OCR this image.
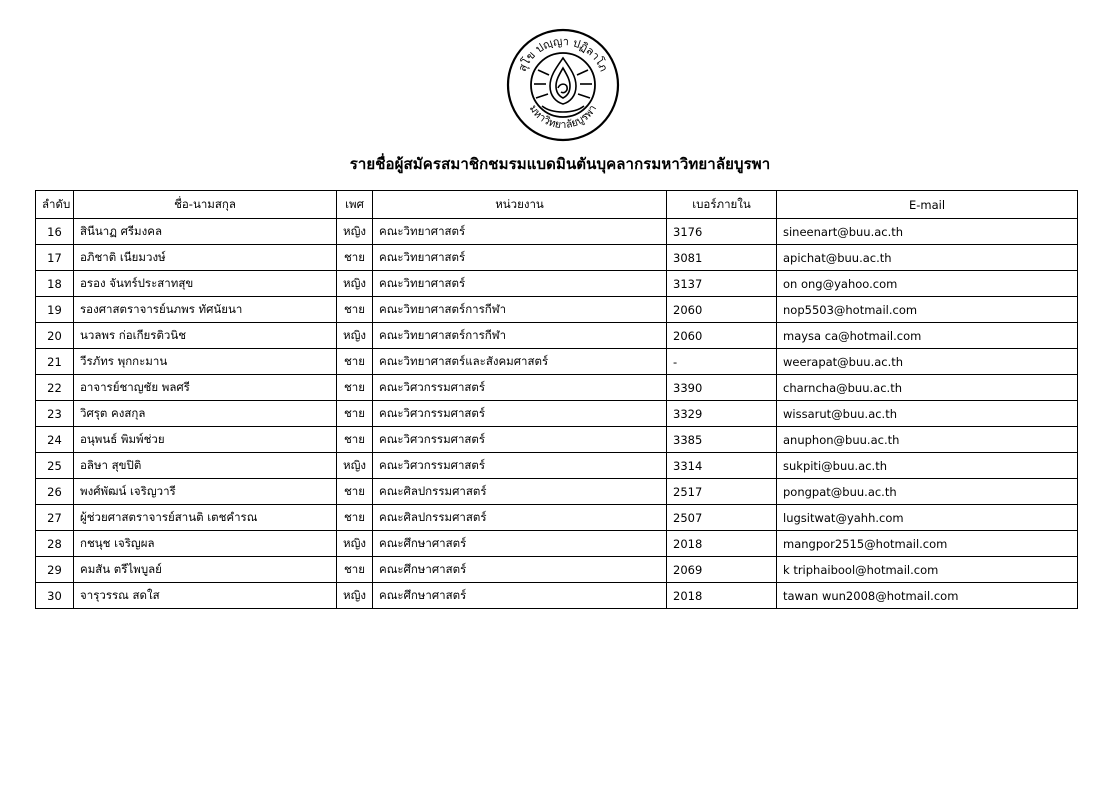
สุโข ปญฺญา ปฏิลาโภ
มหาวิทยาลัยบูรพา
รายชื่อผู้สมัครสมาชิกชมรมแบดมินตันบุคลากรมหาวิทยาลัยบูรพา
ลำดับ	ชื่อ-นามสกุล	เพศ	หน่วยงาน	เบอร์ภายใน	E-mail
16	สินีนาฏ ศรีมงคล	หญิง	คณะวิทยาศาสตร์	3176	sineenart@buu.ac.th
17	อภิชาติ เนียมวงษ์	ชาย	คณะวิทยาศาสตร์	3081	apichat@buu.ac.th
18	อรอง จันทร์ประสาทสุข	หญิง	คณะวิทยาศาสตร์	3137	on ong@yahoo.com
19	รองศาสตราจารย์นภพร ทัศนัยนา	ชาย	คณะวิทยาศาสตร์การกีฬา	2060	nop5503@hotmail.com
20	นวลพร ก่อเกียรติวนิช	หญิง	คณะวิทยาศาสตร์การกีฬา	2060	maysa ca@hotmail.com
21	วีรภัทร พุกกะมาน	ชาย	คณะวิทยาศาสตร์และสังคมศาสตร์	-	weerapat@buu.ac.th
22	อาจารย์ชาญชัย พลศรี	ชาย	คณะวิศวกรรมศาสตร์	3390	charncha@buu.ac.th
23	วิศรุต คงสกุล	ชาย	คณะวิศวกรรมศาสตร์	3329	wissarut@buu.ac.th
24	อนุพนธ์ พิมพ์ช่วย	ชาย	คณะวิศวกรรมศาสตร์	3385	anuphon@buu.ac.th
25	อลิษา สุขปิติ	หญิง	คณะวิศวกรรมศาสตร์	3314	sukpiti@buu.ac.th
26	พงศ์พัฒน์ เจริญวารี	ชาย	คณะศิลปกรรมศาสตร์	2517	pongpat@buu.ac.th
27	ผู้ช่วยศาสตราจารย์สานติ เตชคำรณ	ชาย	คณะศิลปกรรมศาสตร์	2507	lugsitwat@yahh.com
28	กชนุช เจริญผล	หญิง	คณะศึกษาศาสตร์	2018	mangpor2515@hotmail.com
29	คมสัน ตรีไพบูลย์	ชาย	คณะศึกษาศาสตร์	2069	k triphaibool@hotmail.com
30	จารุวรรณ สดใส	หญิง	คณะศึกษาศาสตร์	2018	tawan wun2008@hotmail.com
